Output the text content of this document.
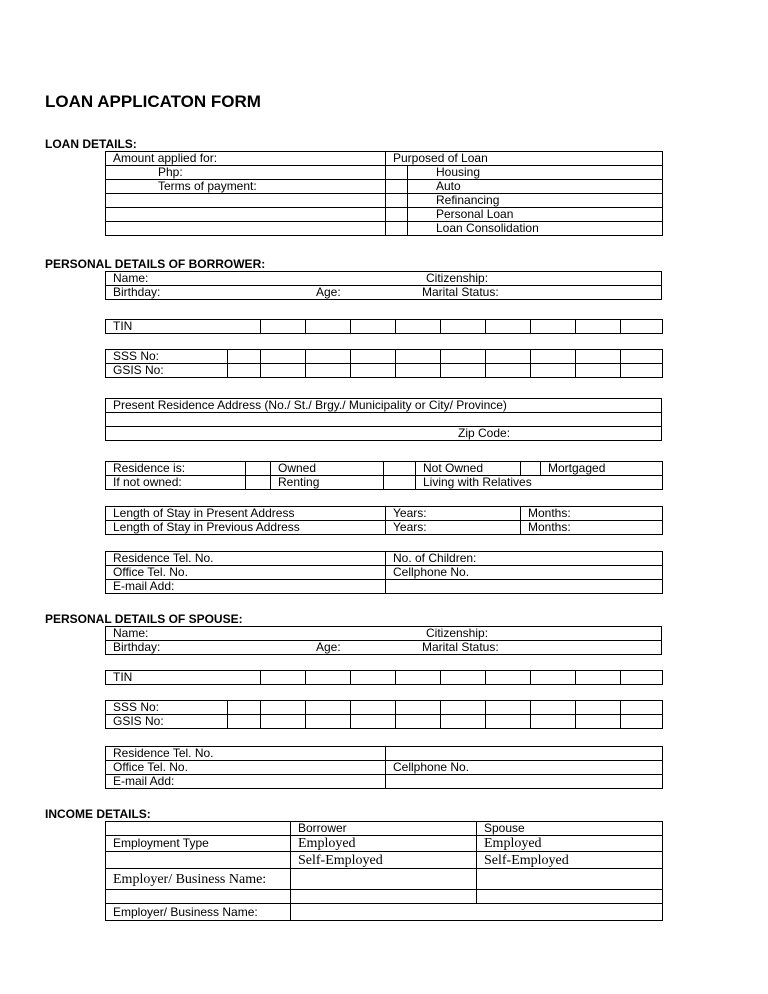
LOAN APPLICATON FORM
LOAN DETAILS:
Amount applied for:	Purposed of Loan	
Php:		Housing
Terms of payment:		Auto
		Refinancing
		Personal Loan
		Loan Consolidation
PERSONAL DETAILS OF BORROWER:
Name:	Citizenship:

Birthday:	Age:	Marital Status:
TIN									
SSS No:										
GSIS No:										
Present Residence Address (No./ St./ Brgy./ Municipality or City/ Province)

Zip Code:
Residence is:		Owned		Not Owned		Mortgaged
If not owned:		Renting		Living with Relatives		
Length of Stay in Present Address	Years:	Months:
Length of Stay in Previous Address	Years:	Months:
Residence Tel. No.	No. of Children:
Office Tel. No.	Cellphone No.
E-mail Add:	
PERSONAL DETAILS OF SPOUSE:
Name:	Citizenship:

Birthday:	Age:	Marital Status:
TIN									
SSS No:										
GSIS No:										
Residence Tel. No.	
Office Tel. No.	Cellphone No.
E-mail Add:	
INCOME DETAILS:
	Borrower	Spouse
Employment Type	Employed	Employed
	Self-Employed	Self-Employed
Employer/ Business Name:		

Employer/ Business Name:		
